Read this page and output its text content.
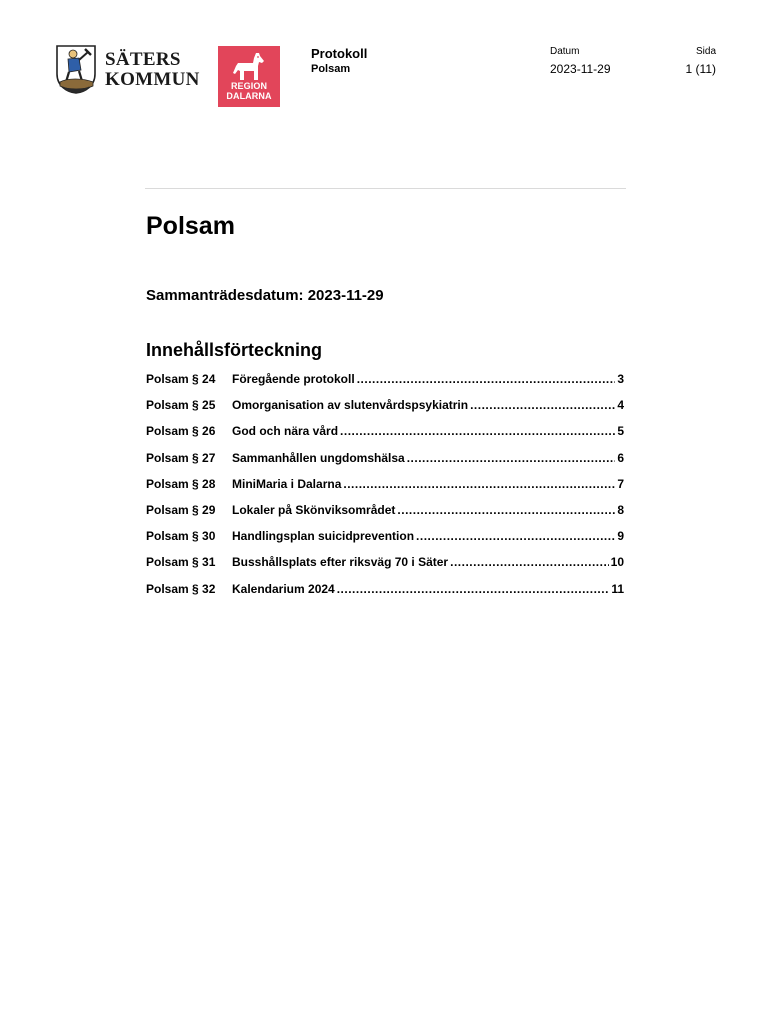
SÄTERS
KOMMUN	REGION
DALARNA
Protokoll
Polsam
Datum
2023-11-29
Sida
1 (11)
Polsam
Sammanträdesdatum: 2023-11-29
Innehållsförteckning
Polsam § 24	Föregående protokoll .....	3
Polsam § 25	Omorganisation av slutenvårdspsykiatrin .....	4
Polsam § 26	God och nära vård .....	5
Polsam § 27	Sammanhållen ungdomshälsa .....	6
Polsam § 28	MiniMaria i Dalarna .....	7
Polsam § 29	Lokaler på Skönviksområdet .....	8
Polsam § 30	Handlingsplan suicidprevention .....	9
Polsam § 31	Busshållsplats efter riksväg 70 i Säter .....	10
Polsam § 32	Kalendarium 2024 .....	11
